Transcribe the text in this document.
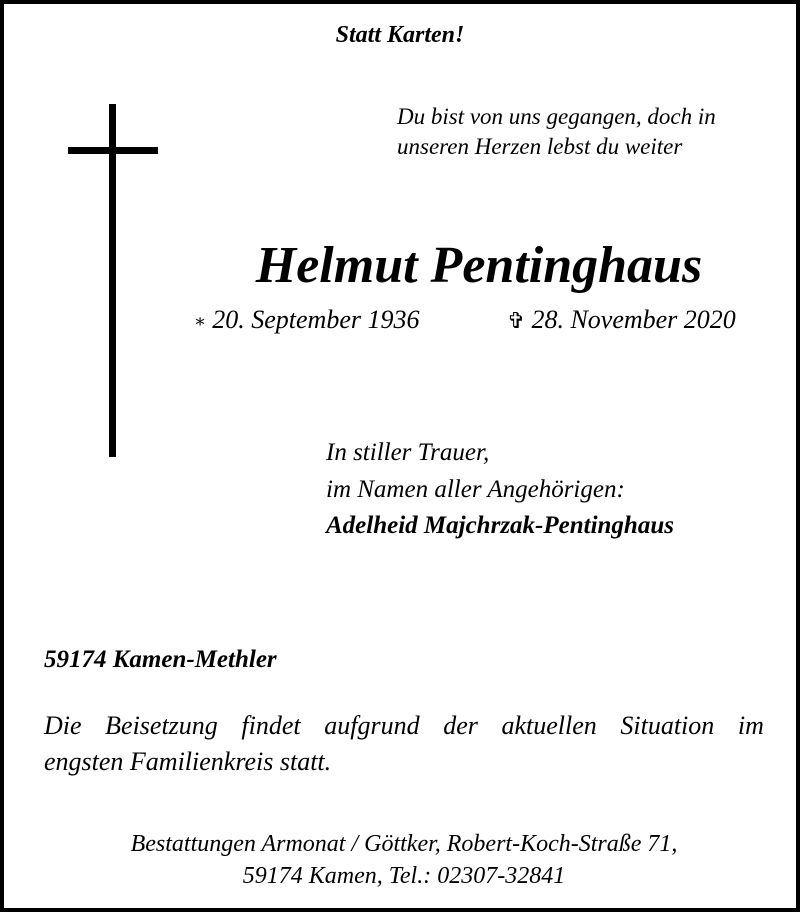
Statt Karten!
Du bist von uns gegangen, doch in
unseren Herzen lebst du weiter
Helmut Pentinghaus
∗ 20. September 1936	✞ 28. November 2020
In stiller Trauer,
im Namen aller Angehörigen:
Adelheid Majchrzak-Pentinghaus
59174 Kamen-Methler
Die Beisetzung findet aufgrund der aktuellen Situation im
engsten Familienkreis statt.
Bestattungen Armonat / Göttker, Robert-Koch-Straße 71,
59174 Kamen, Tel.: 02307-32841
